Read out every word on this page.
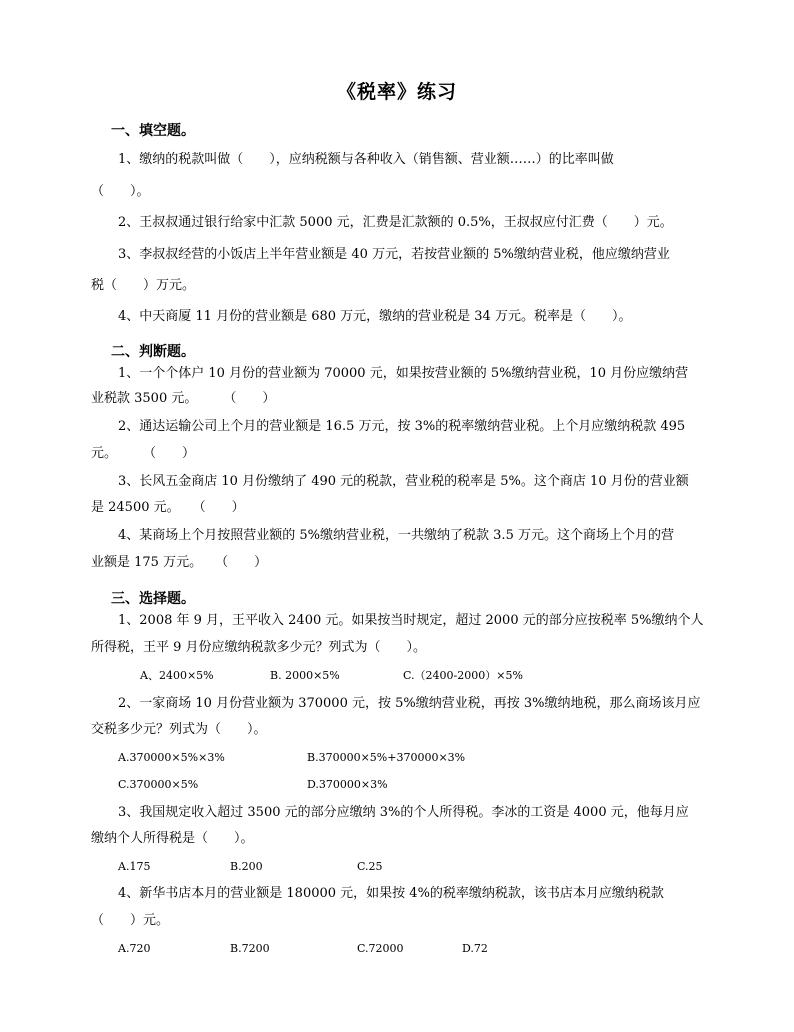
《税率》练习
一、填空题。
1、缴纳的税款叫做（　　），应纳税额与各种收入（销售额、营业额……）的比率叫做
（　　）。
2、王叔叔通过银行给家中汇款 5000 元，汇费是汇款额的 0.5%，王叔叔应付汇费（　　）元。
3、李叔叔经营的小饭店上半年营业额是 40 万元，若按营业额的 5%缴纳营业税，他应缴纳营业
税（　　）万元。
4、中天商厦 11 月份的营业额是 680 万元，缴纳的营业税是 34 万元。税率是（　　）。
二、判断题。
1、一个个体户 10 月份的营业额为 70000 元，如果按营业额的 5%缴纳营业税，10 月份应缴纳营
业税款 3500 元。　　　（　　）
2、通达运输公司上个月的营业额是 16.5 万元，按 3%的税率缴纳营业税。上个月应缴纳税款 495
元。　　　（　　）
3、长风五金商店 10 月份缴纳了 490 元的税款，营业税的税率是 5%。这个商店 10 月份的营业额
是 24500 元。　　（　　）
4、某商场上个月按照营业额的 5%缴纳营业税，一共缴纳了税款 3.5 万元。这个商场上个月的营
业额是 175 万元。　　（　　）
三、选择题。
1、2008 年 9 月，王平收入 2400 元。如果按当时规定，超过 2000 元的部分应按税率 5%缴纳个人
所得税，王平 9 月份应缴纳税款多少元？列式为（　　）。
A、2400×5%	B. 2000×5%	C.（2400-2000）×5%
2、一家商场 10 月份营业额为 370000 元，按 5%缴纳营业税，再按 3%缴纳地税，那么商场该月应
交税多少元？列式为（　　）。
A.370000×5%×3%	B.370000×5%+370000×3%
C.370000×5%	D.370000×3%
3、我国规定收入超过 3500 元的部分应缴纳 3%的个人所得税。李冰的工资是 4000 元，他每月应
缴纳个人所得税是（　　）。
A.175	B.200	C.25
4、新华书店本月的营业额是 180000 元，如果按 4%的税率缴纳税款，该书店本月应缴纳税款
（　　）元。
A.720	B.7200	C.72000	D.72
